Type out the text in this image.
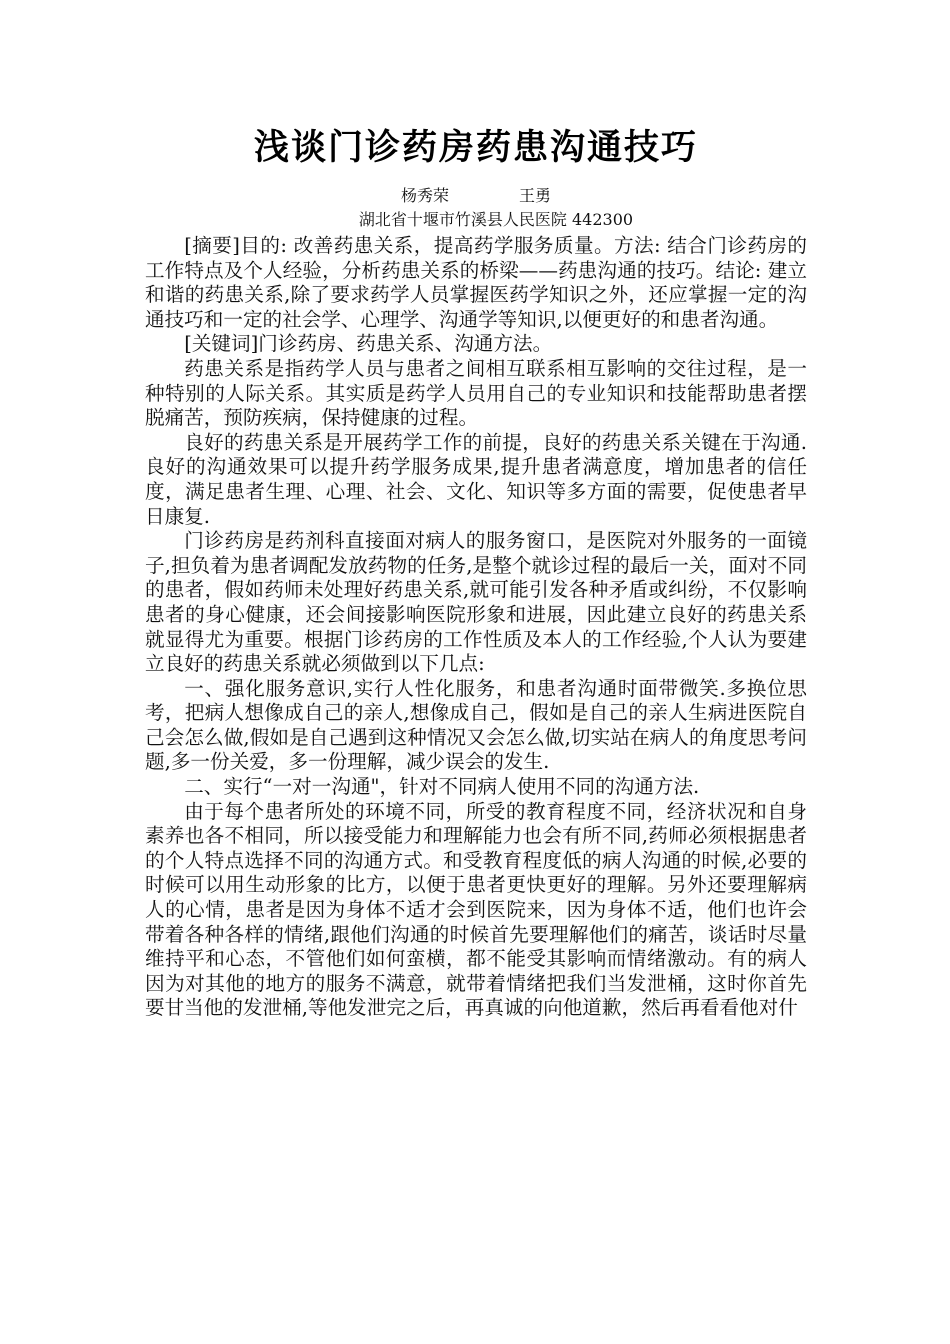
浅谈门诊药房药患沟通技巧

杨秀荣	王勇

湖北省十堰市竹溪县人民医院 442300

[摘要]目的: 改善药患关系，提高药学服务质量。方法: 结合门诊药房的工作特点及个人经验，分析药患关系的桥梁——药患沟通的技巧。结论: 建立和谐的药患关系,除了要求药学人员掌握医药学知识之外，还应掌握一定的沟通技巧和一定的社会学、心理学、沟通学等知识,以便更好的和患者沟通。

[关键词]门诊药房、药患关系、沟通方法。

药患关系是指药学人员与患者之间相互联系相互影响的交往过程，是一种特别的人际关系。其实质是药学人员用自己的专业知识和技能帮助患者摆脱痛苦，预防疾病，保持健康的过程。

良好的药患关系是开展药学工作的前提，良好的药患关系关键在于沟通. 良好的沟通效果可以提升药学服务成果,提升患者满意度，增加患者的信任度，满足患者生理、心理、社会、文化、知识等多方面的需要，促使患者早日康复.

门诊药房是药剂科直接面对病人的服务窗口，是医院对外服务的一面镜子,担负着为患者调配发放药物的任务,是整个就诊过程的最后一关，面对不同的患者，假如药师未处理好药患关系,就可能引发各种矛盾或纠纷，不仅影响患者的身心健康，还会间接影响医院形象和进展，因此建立良好的药患关系就显得尤为重要。根据门诊药房的工作性质及本人的工作经验,个人认为要建立良好的药患关系就必须做到以下几点:

一、强化服务意识,实行人性化服务，和患者沟通时面带微笑.多换位思考，把病人想像成自己的亲人,想像成自己，假如是自己的亲人生病进医院自己会怎么做,假如是自己遇到这种情况又会怎么做,切实站在病人的角度思考问题,多一份关爱，多一份理解，减少误会的发生.

二、实行“一对一沟通"，针对不同病人使用不同的沟通方法.

由于每个患者所处的环境不同，所受的教育程度不同，经济状况和自身素养也各不相同，所以接受能力和理解能力也会有所不同,药师必须根据患者的个人特点选择不同的沟通方式。和受教育程度低的病人沟通的时候,必要的时候可以用生动形象的比方，以便于患者更快更好的理解。另外还要理解病人的心情，患者是因为身体不适才会到医院来，因为身体不适，他们也许会带着各种各样的情绪,跟他们沟通的时候首先要理解他们的痛苦，谈话时尽量维持平和心态，不管他们如何蛮横，都不能受其影响而情绪激动。有的病人因为对其他的地方的服务不满意，就带着情绪把我们当发泄桶，这时你首先要甘当他的发泄桶,等他发泄完之后，再真诚的向他道歉，然后再看看他对什
